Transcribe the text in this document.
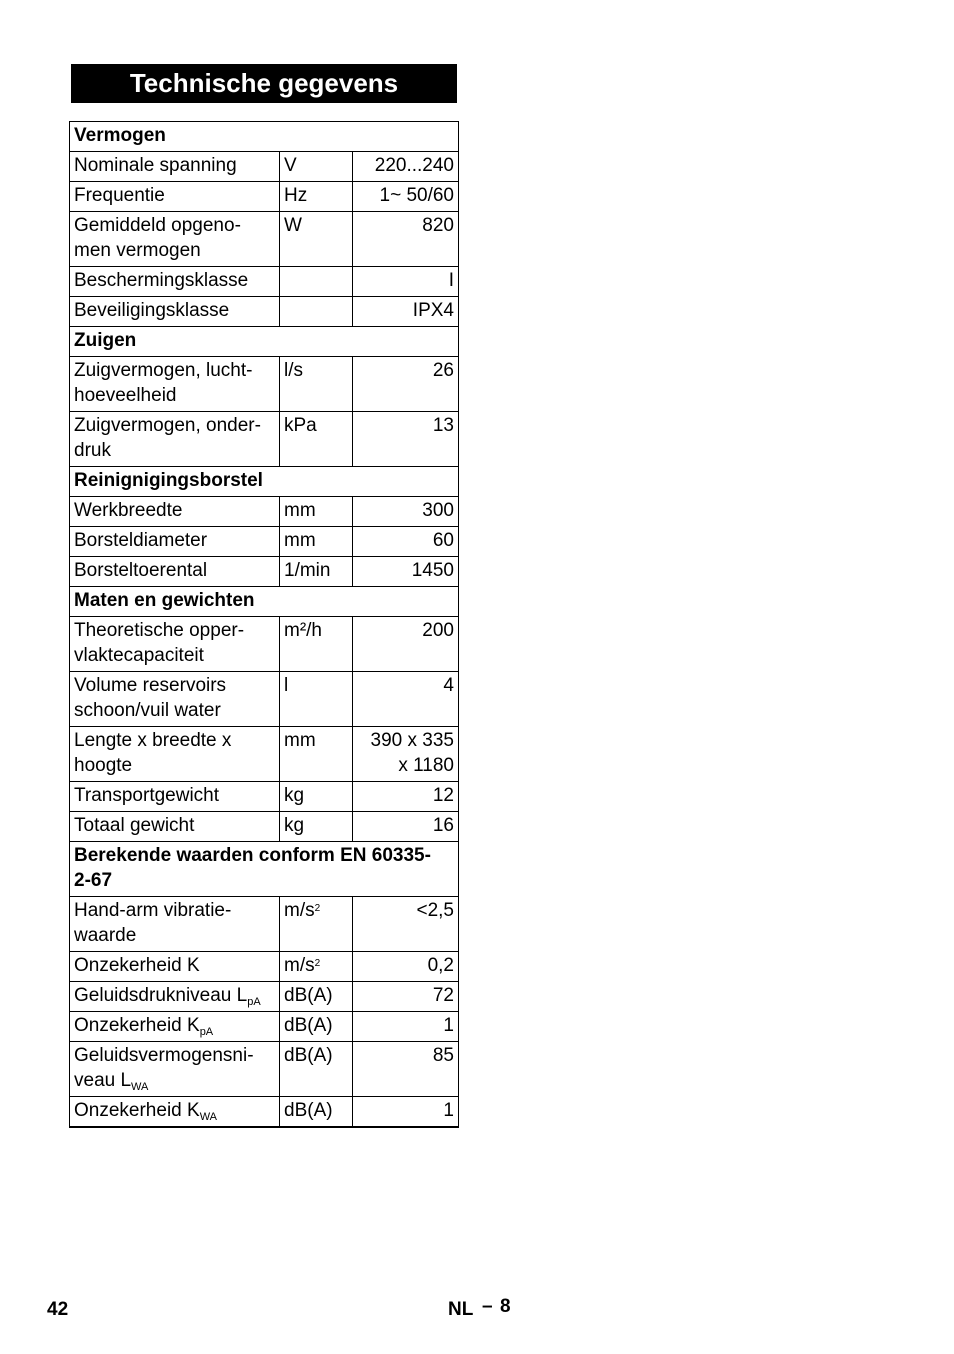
Technische gegevens
Vermogen		
Nominale spanning	V	220...240
Frequentie	Hz	1~ 50/60
Gemiddeld opgeno-
men vermogen	W	820
Beschermingsklasse		I
Beveiligingsklasse		IPX4
Zuigen		
Zuigvermogen, lucht-
hoeveelheid	l/s	26
Zuigvermogen, onder-
druk	kPa	13
Reinignigingsborstel		
Werkbreedte	mm	300
Borsteldiameter	mm	60
Borsteltoerental	1/min	1450
Maten en gewichten		
Theoretische opper-
vlaktecapaciteit	m²/h	200
Volume reservoirs
schoon/vuil water	l	4
Lengte x breedte x
hoogte	mm	390 x 335
x 1180
Transportgewicht	kg	12
Totaal gewicht	kg	16
Berekende waarden conform EN 60335-
2-67		
Hand-arm vibratie-
waarde	$m/s^2$	<2,5
Onzekerheid K	$m/s^2$	0,2
Geluidsdrukniveau $L_{pA}$	dB(A)	72
Onzekerheid $K_{pA}$	dB(A)	1
Geluidsvermogensni-
veau $L_{WA}$	dB(A)	85
Onzekerheid $K_{WA}$	dB(A)	1
42	NL – 8
